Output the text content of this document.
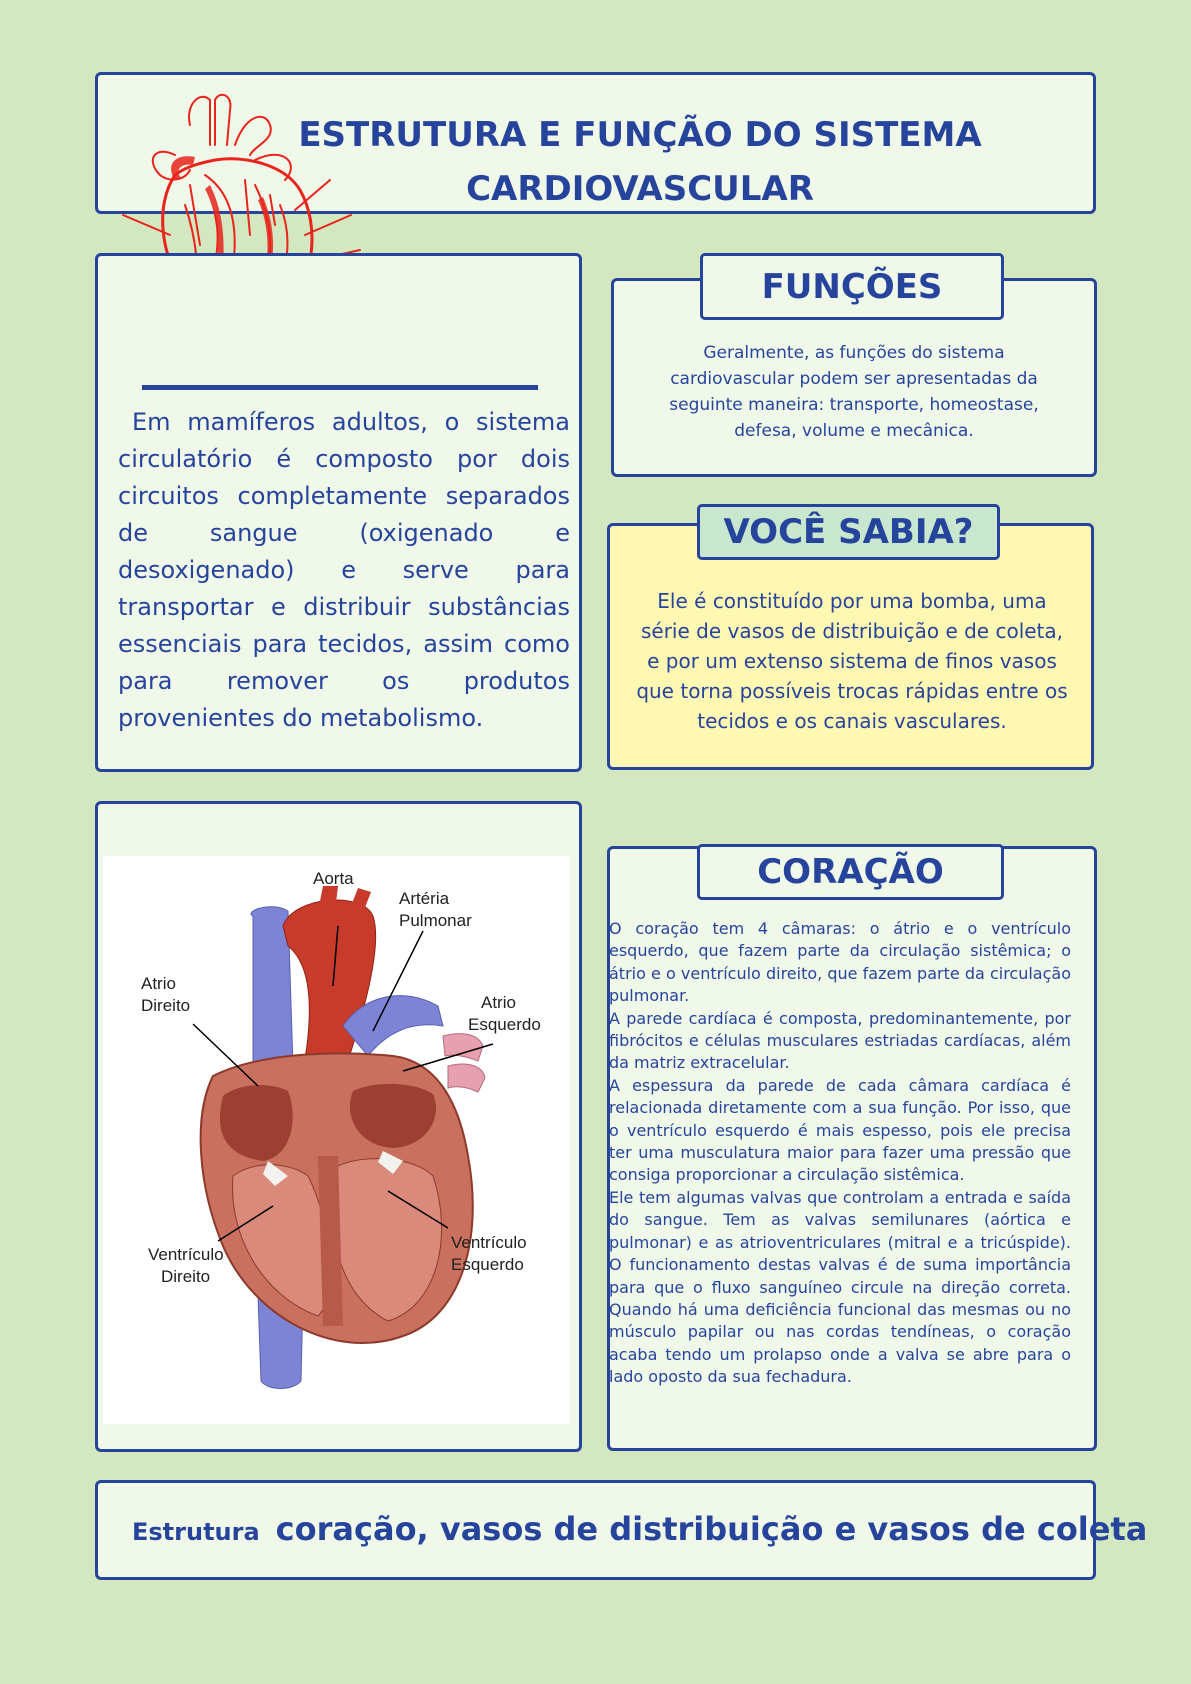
ESTRUTURA E FUNÇÃO DO SISTEMA CARDIOVASCULAR

Em mamíferos adultos, o sistema circulatório é composto por dois circuitos completamente separados de sangue (oxigenado e desoxigenado) e serve para transportar e distribuir substâncias essenciais para tecidos, assim como para remover os produtos provenientes do metabolismo.

FUNÇÕES

Geralmente, as funções do sistema cardiovascular podem ser apresentadas da seguinte maneira: transporte, homeostase, defesa, volume e mecânica.

VOCÊ SABIA?

Ele é constituído por uma bomba, uma série de vasos de distribuição e de coleta, e por um extenso sistema de finos vasos que torna possíveis trocas rápidas entre os tecidos e os canais vasculares.

Aorta
Artéria Pulmonar
Atrio Direito	Atrio Esquerdo
Ventrículo Direito
Ventrículo Esquerdo
CORAÇÃO

O coração tem 4 câmaras: o átrio e o ventrículo esquerdo, que fazem parte da circulação sistêmica; o átrio e o ventrículo direito, que fazem parte da circulação pulmonar.

A parede cardíaca é composta, predominantemente, por fibrócitos e células musculares estriadas cardíacas, além da matriz extracelular.

A espessura da parede de cada câmara cardíaca é relacionada diretamente com a sua função. Por isso, que o ventrículo esquerdo é mais espesso, pois ele precisa ter uma musculatura maior para fazer uma pressão que consiga proporcionar a circulação sistêmica.

Ele tem algumas valvas que controlam a entrada e saída do sangue. Tem as valvas semilunares (aórtica e pulmonar) e as atrioventriculares (mitral e a tricúspide). O funcionamento destas valvas é de suma importância para que o fluxo sanguíneo circule na direção correta. Quando há uma deficiência funcional das mesmas ou no músculo papilar ou nas cordas tendíneas, o coração acaba tendo um prolapso onde a valva se abre para o lado oposto da sua fechadura.

Estrutura coração, vasos de distribuição e vasos de coleta
